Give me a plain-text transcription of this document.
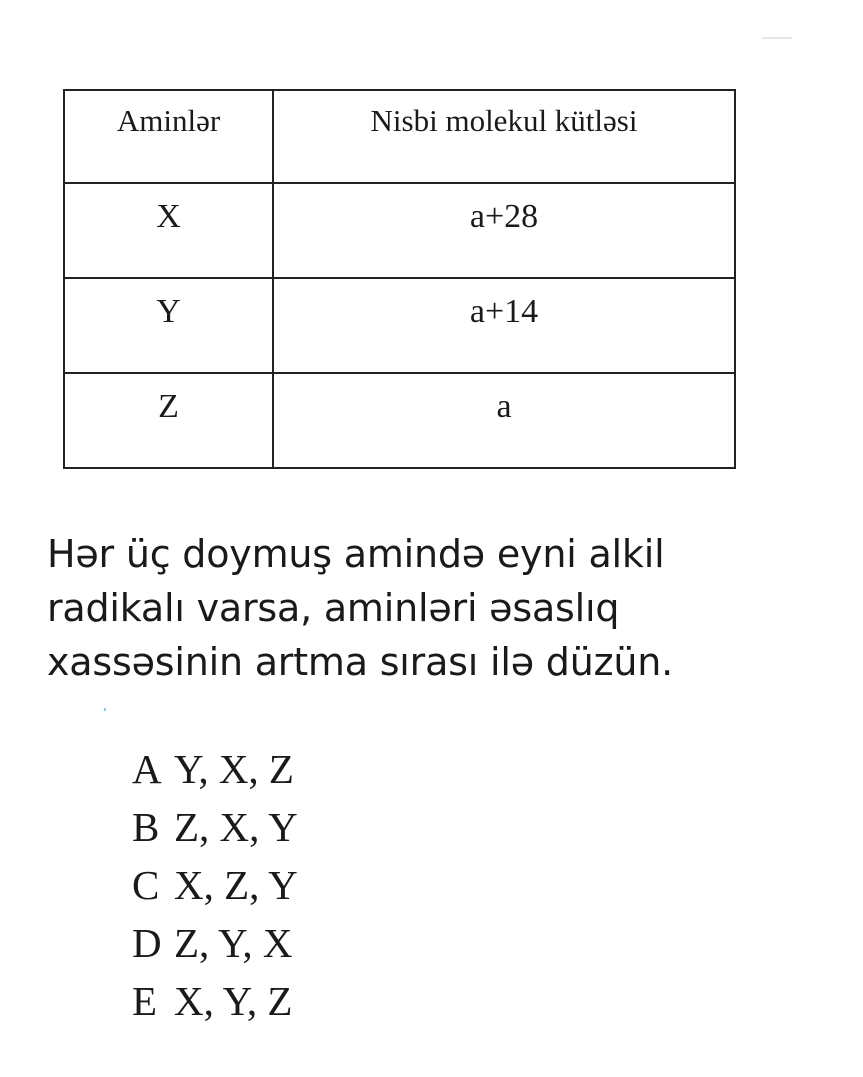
Aminlər	Nisbi molekul kütləsi
X	a+28
Y	a+14
Z	a
Hər üç doymuş amində eyni alkil
radikalı varsa, aminləri əsaslıq
xassəsinin artma sırası ilə düzün.
A Y, X, Z
B Z, X, Y
C X, Z, Y
D Z, Y, X
E X, Y, Z
